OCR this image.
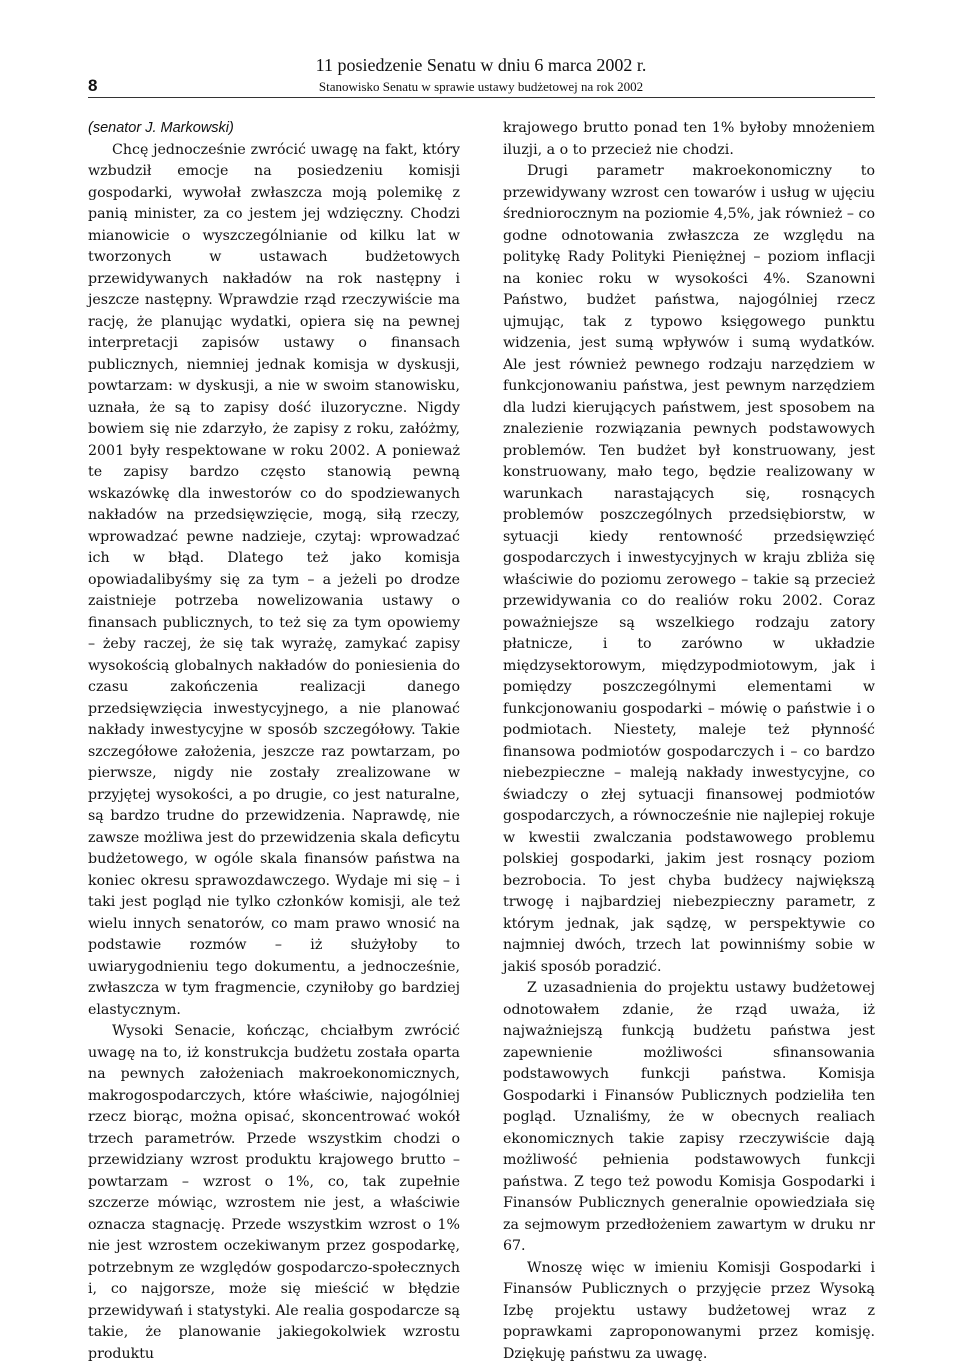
8
11 posiedzenie Senatu w dniu 6 marca 2002 r.
Stanowisko Senatu w sprawie ustawy budżetowej na rok 2002

(senator J. Markowski)

Chcę jednocześnie zwrócić uwagę na fakt, który wzbudził emocje na posiedzeniu komisji gospodarki, wywołał zwłaszcza moją polemikę z panią minister, za co jestem jej wdzięczny. Chodzi mianowicie o wyszczególnianie od kilku lat w tworzonych w ustawach budżetowych przewidywanych nakładów na rok następny i jeszcze następny. Wprawdzie rząd rzeczywiście ma rację, że planując wydatki, opiera się na pewnej interpretacji zapisów ustawy o finansach publicznych, niemniej jednak komisja w dyskusji, powtarzam: w dyskusji, a nie w swoim stanowisku, uznała, że są to zapisy dość iluzoryczne. Nigdy bowiem się nie zdarzyło, że zapisy z roku, załóżmy, 2001 były respektowane w roku 2002. A ponieważ te zapisy bardzo często stanowią pewną wskazówkę dla inwestorów co do spodziewanych nakładów na przedsięwzięcie, mogą, siłą rzeczy, wprowadzać pewne nadzieje, czytaj: wprowadzać ich w błąd. Dlatego też jako komisja opowiadalibyśmy się za tym – a jeżeli po drodze zaistnieje potrzeba nowelizowania ustawy o finansach publicznych, to też się za tym opowiemy – żeby raczej, że się tak wyrażę, zamykać zapisy wysokością globalnych nakładów do poniesienia do czasu zakończenia realizacji danego przedsięwzięcia inwestycyjnego, a nie planować nakłady inwestycyjne w sposób szczegółowy. Takie szczegółowe założenia, jeszcze raz powtarzam, po pierwsze, nigdy nie zostały zrealizowane w przyjętej wysokości, a po drugie, co jest naturalne, są bardzo trudne do przewidzenia. Naprawdę, nie zawsze możliwa jest do przewidzenia skala deficytu budżetowego, w ogóle skala finansów państwa na koniec okresu sprawozdawczego. Wydaje mi się – i taki jest pogląd nie tylko członków komisji, ale też wielu innych senatorów, co mam prawo wnosić na podstawie rozmów – iż służyłoby to uwiarygodnieniu tego dokumentu, a jednocześnie, zwłaszcza w tym fragmencie, czyniłoby go bardziej elastycznym.

Wysoki Senacie, kończąc, chciałbym zwrócić uwagę na to, iż konstrukcja budżetu została oparta na pewnych założeniach makroekonomicznych, makrogospodarczych, które właściwie, najogólniej rzecz biorąc, można opisać, skoncentrować wokół trzech parametrów. Przede wszystkim chodzi o przewidziany wzrost produktu krajowego brutto – powtarzam – wzrost o 1%, co, tak zupełnie szczerze mówiąc, wzrostem nie jest, a właściwie oznacza stagnację. Przede wszystkim wzrost o 1% nie jest wzrostem oczekiwanym przez gospodarkę, potrzebnym ze względów gospodarczo-społecznych i, co najgorsze, może się mieścić w błędzie przewidywań i statystyki. Ale realia gospodarcze są takie, że planowanie jakiegokolwiek wzrostu produktu

krajowego brutto ponad ten 1% byłoby mnożeniem iluzji, a o to przecież nie chodzi.

Drugi parametr makroekonomiczny to przewidywany wzrost cen towarów i usług w ujęciu średniorocznym na poziomie 4,5%, jak również – co godne odnotowania zwłaszcza ze względu na politykę Rady Polityki Pieniężnej – poziom inflacji na koniec roku w wysokości 4%. Szanowni Państwo, budżet państwa, najogólniej rzecz ujmując, tak z typowo księgowego punktu widzenia, jest sumą wpływów i sumą wydatków. Ale jest również pewnego rodzaju narzędziem w funkcjonowaniu państwa, jest pewnym narzędziem dla ludzi kierujących państwem, jest sposobem na znalezienie rozwiązania pewnych podstawowych problemów. Ten budżet był konstruowany, jest konstruowany, mało tego, będzie realizowany w warunkach narastających się, rosnących problemów poszczególnych przedsiębiorstw, w sytuacji kiedy rentowność przedsięwzięć gospodarczych i inwestycyjnych w kraju zbliża się właściwie do poziomu zerowego – takie są przecież przewidywania co do realiów roku 2002. Coraz poważniejsze są wszelkiego rodzaju zatory płatnicze, i to zarówno w układzie międzysektorowym, międzypodmiotowym, jak i pomiędzy poszczególnymi elementami w funkcjonowaniu gospodarki – mówię o państwie i o podmiotach. Niestety, maleje też płynność finansowa podmiotów gospodarczych i – co bardzo niebezpieczne – maleją nakłady inwestycyjne, co świadczy o złej sytuacji finansowej podmiotów gospodarczych, a równocześnie nie najlepiej rokuje w kwestii zwalczania podstawowego problemu polskiej gospodarki, jakim jest rosnący poziom bezrobocia. To jest chyba budżecy największą trwogę i najbardziej niebezpieczny parametr, z którym jednak, jak sądzę, w perspektywie co najmniej dwóch, trzech lat powinniśmy sobie w jakiś sposób poradzić.

Z uzasadnienia do projektu ustawy budżetowej odnotowałem zdanie, że rząd uważa, iż najważniejszą funkcją budżetu państwa jest zapewnienie możliwości sfinansowania podstawowych funkcji państwa. Komisja Gospodarki i Finansów Publicznych podzieliła ten pogląd. Uznaliśmy, że w obecnych realiach ekonomicznych takie zapisy rzeczywiście dają możliwość pełnienia podstawowych funkcji państwa. Z tego też powodu Komisja Gospodarki i Finansów Publicznych generalnie opowiedziała się za sejmowym przedłożeniem zawartym w druku nr 67.

Wnoszę więc w imieniu Komisji Gospodarki i Finansów Publicznych o przyjęcie przez Wysoką Izbę projektu ustawy budżetowej wraz z poprawkami zaproponowanymi przez komisję. Dziękuję państwu za uwagę.
